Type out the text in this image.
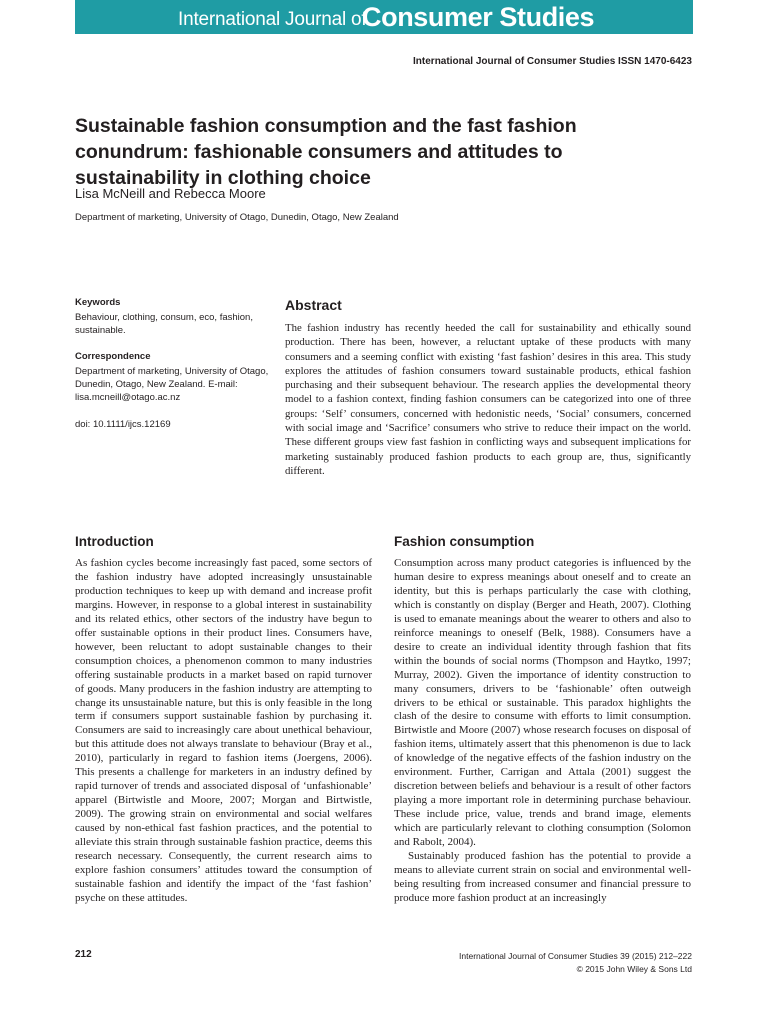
International Journal of
Consumer Studies
International Journal of Consumer Studies ISSN 1470-6423
Sustainable fashion consumption and the fast fashion conundrum: fashionable consumers and attitudes to sustainability in clothing choice
Lisa McNeill and Rebecca Moore
Department of marketing, University of Otago, Dunedin, Otago, New Zealand
Keywords
Behaviour, clothing, consum, eco, fashion, sustainable.
Correspondence
Department of marketing, University of Otago, Dunedin, Otago, New Zealand. E-mail: lisa.mcneill@otago.ac.nz
doi: 10.1111/ijcs.12169
Abstract
The fashion industry has recently heeded the call for sustainability and ethically sound production. There has been, however, a reluctant uptake of these products with many consumers and a seeming conflict with existing ‘fast fashion’ desires in this area. This study explores the attitudes of fashion consumers toward sustainable products, ethical fashion purchasing and their subsequent behaviour. The research applies the developmental theory model to a fashion context, finding fashion consumers can be categorized into one of three groups: ‘Self’ consumers, concerned with hedonistic needs, ‘Social’ consumers, concerned with social image and ‘Sacrifice’ consumers who strive to reduce their impact on the world. These different groups view fast fashion in conflicting ways and subsequent implications for marketing sustainably produced fashion products to each group are, thus, significantly different.
Introduction
As fashion cycles become increasingly fast paced, some sectors of the fashion industry have adopted increasingly unsustainable production techniques to keep up with demand and increase profit margins. However, in response to a global interest in sustainability and its related ethics, other sectors of the industry have begun to offer sustainable options in their product lines. Consumers have, however, been reluctant to adopt sustainable changes to their consumption choices, a phenomenon common to many industries offering sustainable products in a market based on rapid turnover of goods. Many producers in the fashion industry are attempting to change its unsustainable nature, but this is only feasible in the long term if consumers support sustainable fashion by purchasing it. Consumers are said to increasingly care about unethical behaviour, but this attitude does not always translate to behaviour (Bray et al., 2010), particularly in regard to fashion items (Joergens, 2006). This presents a challenge for marketers in an industry defined by rapid turnover of trends and associated disposal of ‘unfashionable’ apparel (Birtwistle and Moore, 2007; Morgan and Birtwistle, 2009). The growing strain on environmental and social welfares caused by non-ethical fast fashion practices, and the potential to alleviate this strain through sustainable fashion practice, deems this research necessary. Consequently, the current research aims to explore fashion consumers’ attitudes toward the consumption of sustainable fashion and identify the impact of the ‘fast fashion’ psyche on these attitudes.
Fashion consumption

Consumption across many product categories is influenced by the human desire to express meanings about oneself and to create an identity, but this is perhaps particularly the case with clothing, which is constantly on display (Berger and Heath, 2007). Clothing is used to emanate meanings about the wearer to others and also to reinforce meanings to oneself (Belk, 1988). Consumers have a desire to create an individual identity through fashion that fits within the bounds of social norms (Thompson and Haytko, 1997; Murray, 2002). Given the importance of identity construction to many consumers, drivers to be ‘fashionable’ often outweigh drivers to be ethical or sustainable. This paradox highlights the clash of the desire to consume with efforts to limit consumption. Birtwistle and Moore (2007) whose research focuses on disposal of fashion items, ultimately assert that this phenomenon is due to lack of knowledge of the negative effects of the fashion industry on the environment. Further, Carrigan and Attala (2001) suggest the discretion between beliefs and behaviour is a result of other factors playing a more important role in determining purchase behaviour. These include price, value, trends and brand image, elements which are particularly relevant to clothing consumption (Solomon and Rabolt, 2004).

Sustainably produced fashion has the potential to provide a means to alleviate current strain on social and environmental well-being resulting from increased consumer and financial pressure to produce more fashion product at an increasingly

212	International Journal of Consumer Studies 39 (2015) 212–222
© 2015 John Wiley & Sons Ltd
